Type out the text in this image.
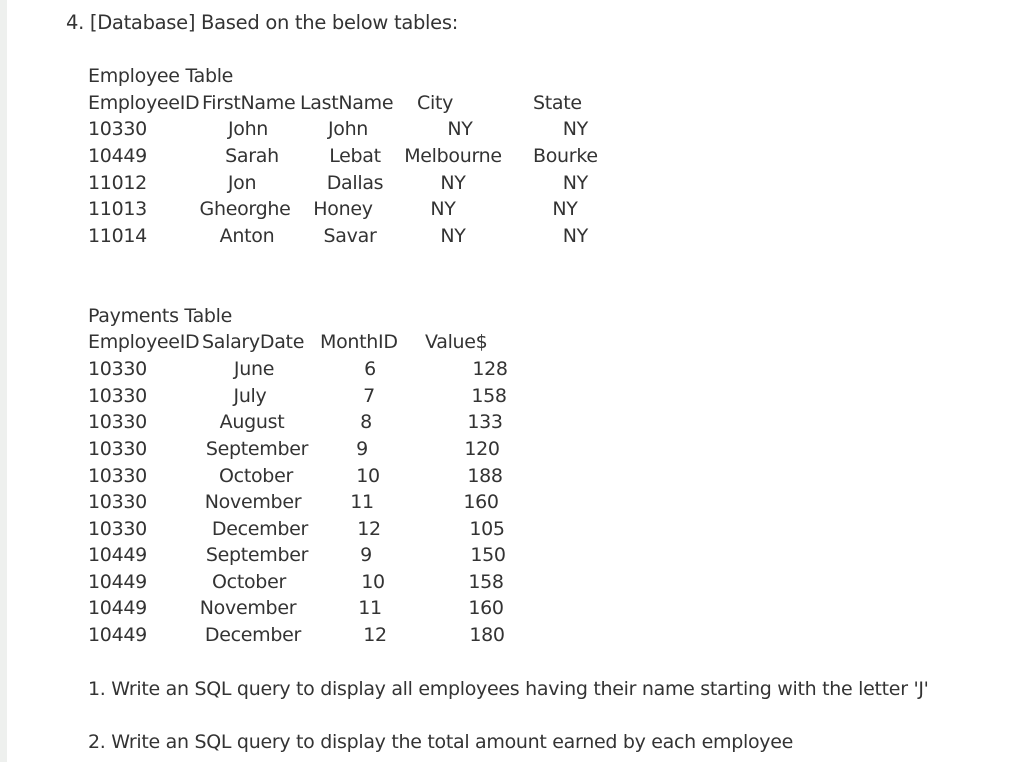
4. [Database] Based on the below tables:
Employee Table
EmployeeID FirstName LastName City	State
10330	John	John	NY	NY
10449	Sarah	Lebat Melbourne Bourke
11012	Jon	Dallas	NY	NY
11013	Gheorghe Honey	NY	NY
11014	Anton	Savar	NY	NY
Payments Table
EmployeeID SalaryDate MonthID Value$
10330	June	6	128
10330	July	7	158
10330	August	8	133
10330	September	9	120
10330	October	10	188
10330	November	11	160
10330	December	12	105
10449	September	9	150
10449	October	10	158
10449	November	11	160
10449	December	12	180
1. Write an SQL query to display all employees having their name starting with the letter 'J'
2. Write an SQL query to display the total amount earned by each employee
